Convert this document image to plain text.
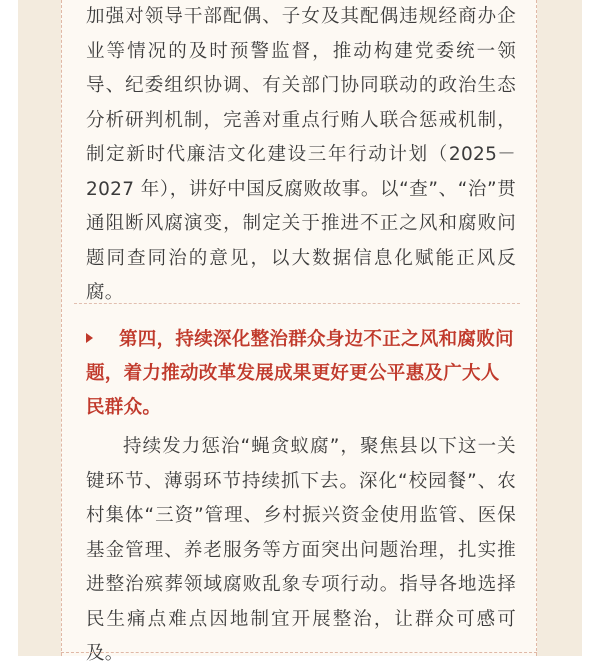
加强对领导干部配偶、子女及其配偶违规经商办企业等情况的及时预警监督，推动构建党委统一领导、纪委组织协调、有关部门协同联动的政治生态分析研判机制，完善对重点行贿人联合惩戒机制，制定新时代廉洁文化建设三年行动计划（2025－2027 年），讲好中国反腐败故事。以“查”、“治”贯通阻断风腐演变，制定关于推进不正之风和腐败问题同查同治的意见，以大数据信息化赋能正风反腐。

第四，持续深化整治群众身边不正之风和腐败问题，着力推动改革发展成果更好更公平惠及广大人民群众。

持续发力惩治“蝇贪蚁腐”，聚焦县以下这一关键环节、薄弱环节持续抓下去。深化“校园餐”、农村集体“三资”管理、乡村振兴资金使用监管、医保基金管理、养老服务等方面突出问题治理，扎实推进整治殡葬领域腐败乱象专项行动。指导各地选择民生痛点难点因地制宜开展整治，让群众可感可及。
